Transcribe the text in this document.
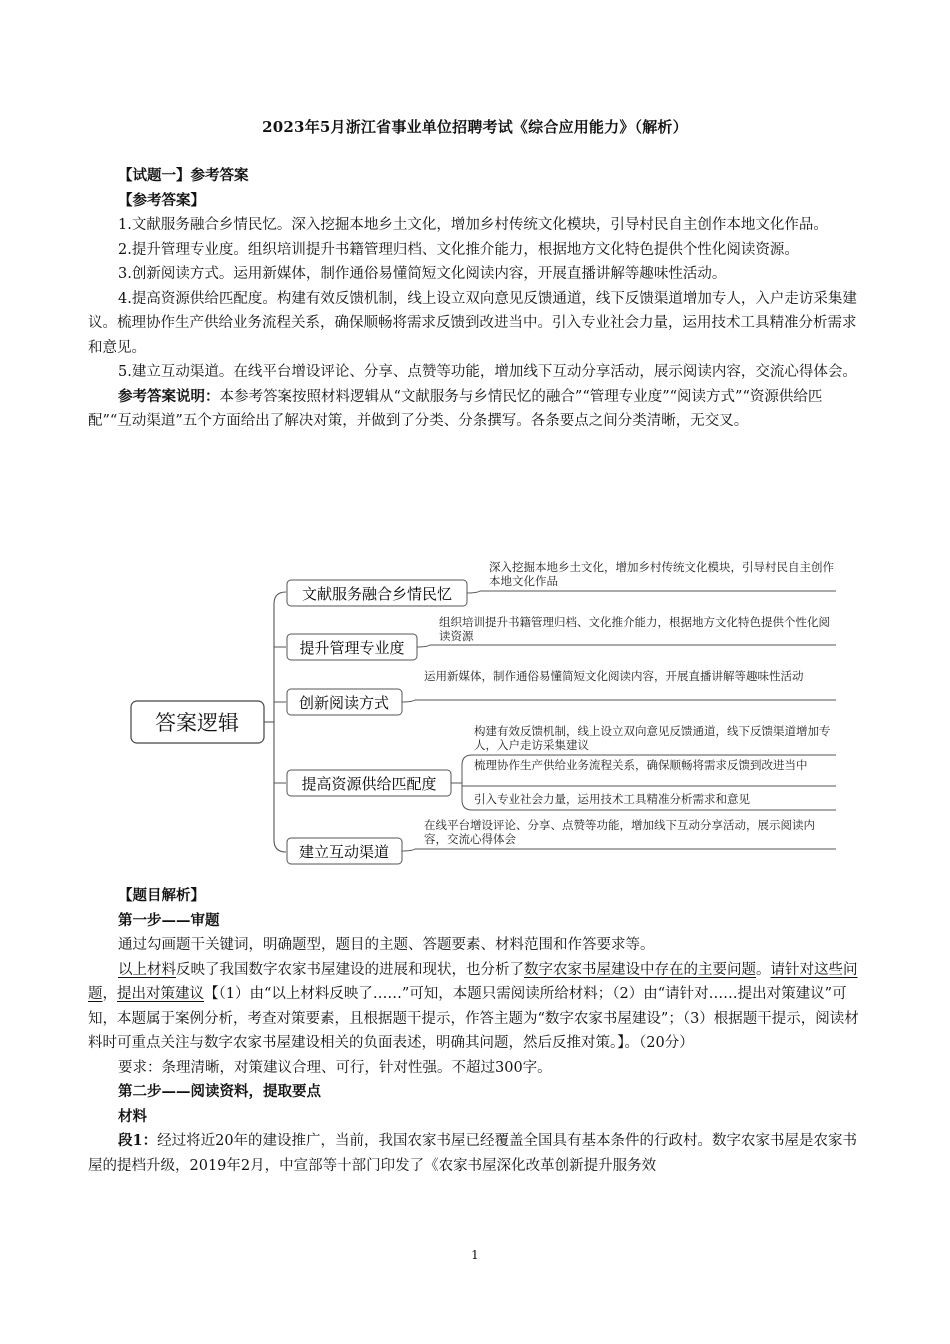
2023年5月浙江省事业单位招聘考试《综合应用能力》（解析）
【试题一】参考答案
【参考答案】

1.文献服务融合乡情民忆。深入挖掘本地乡土文化，增加乡村传统文化模块，引导村民自主创作本地文化作品。

2.提升管理专业度。组织培训提升书籍管理归档、文化推介能力，根据地方文化特色提供个性化阅读资源。

3.创新阅读方式。运用新媒体，制作通俗易懂简短文化阅读内容，开展直播讲解等趣味性活动。

4.提高资源供给匹配度。构建有效反馈机制，线上设立双向意见反馈通道，线下反馈渠道增加专人，入户走访采集建议。梳理协作生产供给业务流程关系，确保顺畅将需求反馈到改进当中。引入专业社会力量，运用技术工具精准分析需求和意见。

5.建立互动渠道。在线平台增设评论、分享、点赞等功能，增加线下互动分享活动，展示阅读内容，交流心得体会。

参考答案说明：本参考答案按照材料逻辑从“文献服务与乡情民忆的融合”“管理专业度”“阅读方式”“资源供给匹配”“互动渠道”五个方面给出了解决对策，并做到了分类、分条撰写。各条要点之间分类清晰，无交叉。

答案逻辑
文献服务融合乡情民忆
深入挖掘本地乡土文化，增加乡村传统文化模块，引导村民自主创作本地文化作品
提升管理专业度
组织培训提升书籍管理归档、文化推介能力，根据地方文化特色提供个性化阅读资源
创新阅读方式
运用新媒体，制作通俗易懂简短文化阅读内容，开展直播讲解等趣味性活动
提高资源供给匹配度
构建有效反馈机制，线上设立双向意见反馈通道，线下反馈渠道增加专人，入户走访采集建议
梳理协作生产供给业务流程关系，确保顺畅将需求反馈到改进当中
引入专业社会力量，运用技术工具精准分析需求和意见
建立互动渠道
在线平台增设评论、分享、点赞等功能，增加线下互动分享活动，展示阅读内容，交流心得体会
【题目解析】
第一步——审题

通过勾画题干关键词，明确题型，题目的主题、答题要素、材料范围和作答要求等。

以上材料反映了我国数字农家书屋建设的进展和现状，也分析了数字农家书屋建设中存在的主要问题。请针对这些问题，提出对策建议【（1）由“以上材料反映了……”可知，本题只需阅读所给材料；（2）由“请针对……提出对策建议”可知，本题属于案例分析，考查对策要素，且根据题干提示，作答主题为“数字农家书屋建设”；（3）根据题干提示，阅读材料时可重点关注与数字农家书屋建设相关的负面表述，明确其问题，然后反推对策。】。（20分）

要求：条理清晰，对策建议合理、可行，针对性强。不超过300字。

第二步——阅读资料，提取要点
材料

段1：经过将近20年的建设推广，当前，我国农家书屋已经覆盖全国具有基本条件的行政村。数字农家书屋是农家书屋的提档升级，2019年2月，中宣部等十部门印发了《农家书屋深化改革创新提升服务效

1
